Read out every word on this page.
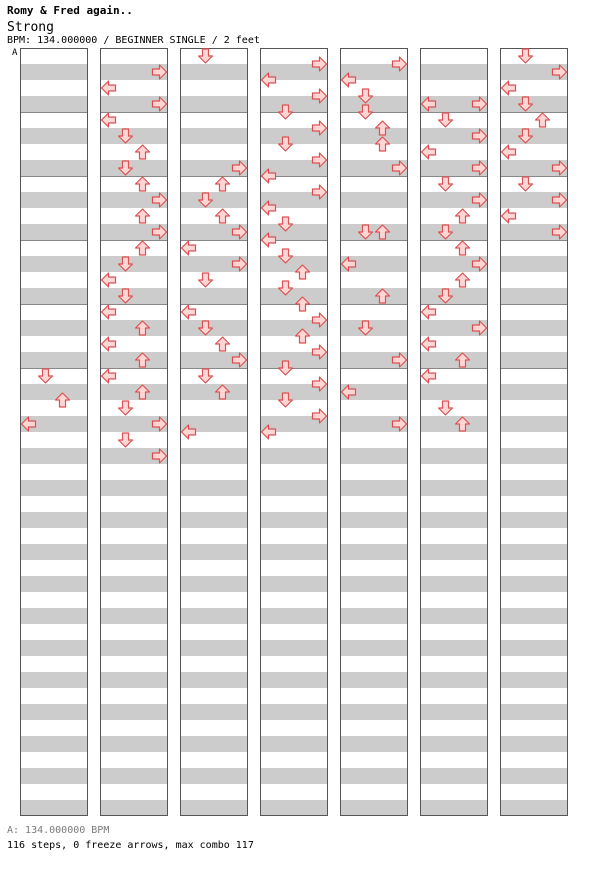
Romy & Fred again..
Strong
BPM: 134.000000 / BEGINNER SINGLE / 2 feet
A
A: 134.000000 BPM
116 steps, 0 freeze arrows, max combo 117
